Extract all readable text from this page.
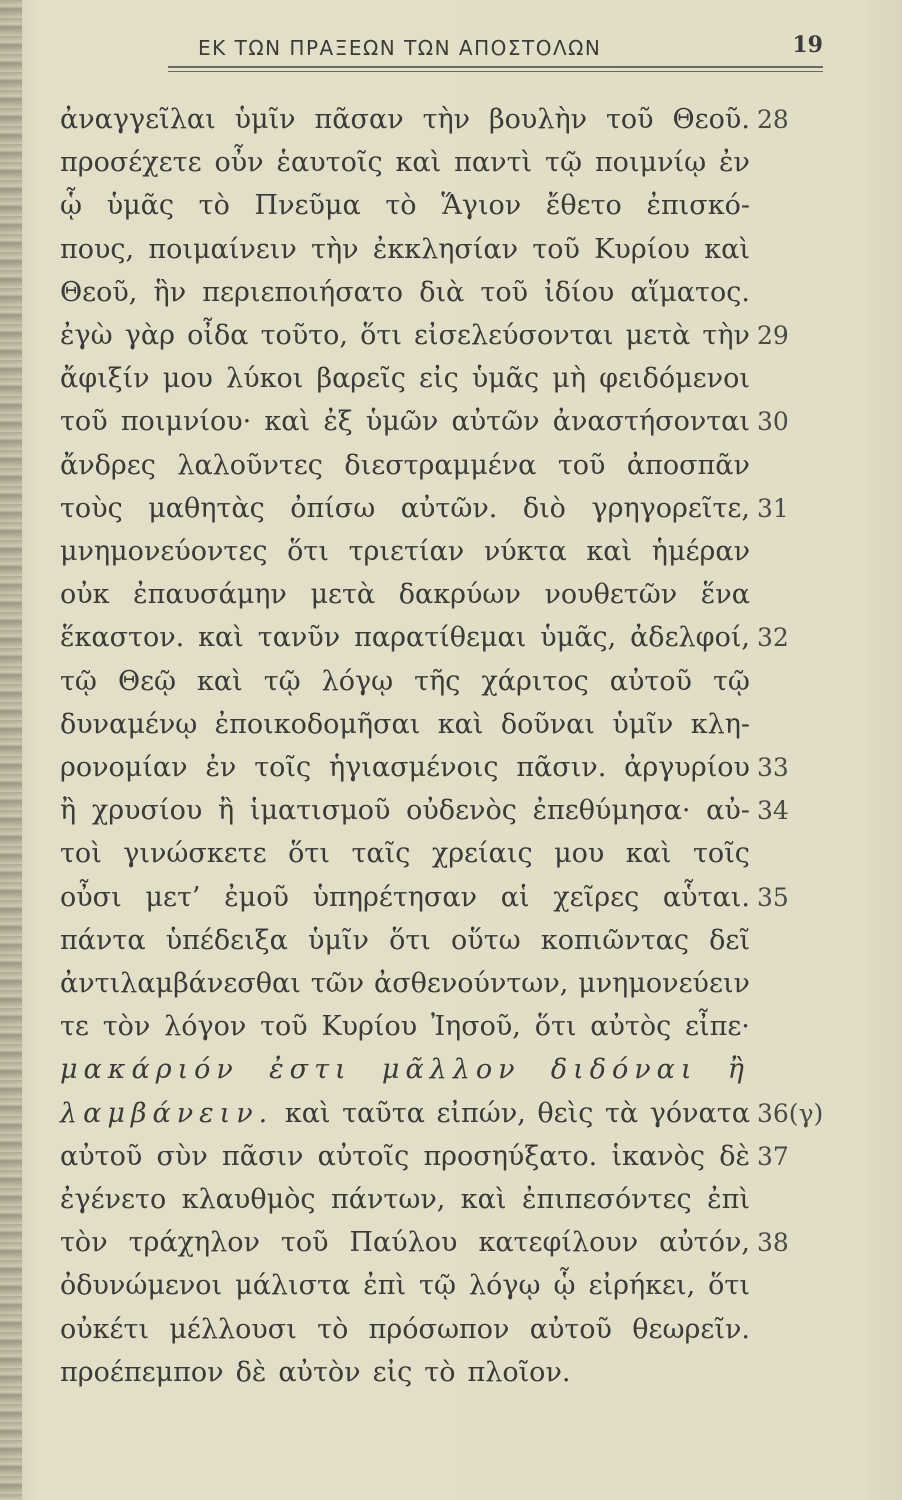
ΕΚ ΤΩΝ ΠΡΑΞΕΩΝ ΤΩΝ ΑΠΟΣΤΟΛΩΝ	19
ἀναγγεῖλαι ὑμῖν πᾶσαν τὴν βουλὴν τοῦ Θεοῦ. 28
προσέχετε οὖν ἑαυτοῖς καὶ παντὶ τῷ ποιμνίῳ ἐν
ᾧ ὑμᾶς τὸ Πνεῦμα τὸ Ἅγιον ἔθετο ἐπισκό-
πους, ποιμαίνειν τὴν ἐκκλησίαν τοῦ Κυρίου καὶ
Θεοῦ, ἣν περιεποιήσατο διὰ τοῦ ἰδίου αἵματος.
ἐγὼ γὰρ οἶδα τοῦτο, ὅτι εἰσελεύσονται μετὰ τὴν 29
ἄφιξίν μου λύκοι βαρεῖς εἰς ὑμᾶς μὴ φειδόμενοι
τοῦ ποιμνίου· καὶ ἐξ ὑμῶν αὐτῶν ἀναστήσονται 30
ἄνδρες λαλοῦντες διεστραμμένα τοῦ ἀποσπᾶν
τοὺς μαθητὰς ὀπίσω αὐτῶν. διὸ γρηγορεῖτε, 31
μνημονεύοντες ὅτι τριετίαν νύκτα καὶ ἡμέραν
οὐκ ἐπαυσάμην μετὰ δακρύων νουθετῶν ἕνα
ἕκαστον. καὶ τανῦν παρατίθεμαι ὑμᾶς, ἀδελφοί, 32
τῷ Θεῷ καὶ τῷ λόγῳ τῆς χάριτος αὐτοῦ τῷ
δυναμένῳ ἐποικοδομῆσαι καὶ δοῦναι ὑμῖν κλη-
ρονομίαν ἐν τοῖς ἡγιασμένοις πᾶσιν. ἀργυρίου 33
ἢ χρυσίου ἢ ἱματισμοῦ οὐδενὸς ἐπεθύμησα· αὐ- 34
τοὶ γινώσκετε ὅτι ταῖς χρείαις μου καὶ τοῖς
οὖσι μετ’ ἐμοῦ ὑπηρέτησαν αἱ χεῖρες αὗται. 35
πάντα ὑπέδειξα ὑμῖν ὅτι οὕτω κοπιῶντας δεῖ
ἀντιλαμβάνεσθαι τῶν ἀσθενούντων, μνημονεύειν
τε τὸν λόγον τοῦ Κυρίου Ἰησοῦ, ὅτι αὐτὸς εἶπε·
μακάριόν ἐστι μᾶλλον διδόναι ἢ
λαμβάνειν. καὶ ταῦτα εἰπών, θεὶς τὰ γόνατα 36(γ)
αὐτοῦ σὺν πᾶσιν αὐτοῖς προσηύξατο. ἱκανὸς δὲ 37
ἐγένετο κλαυθμὸς πάντων, καὶ ἐπιπεσόντες ἐπὶ
τὸν τράχηλον τοῦ Παύλου κατεφίλουν αὐτόν, 38
ὀδυνώμενοι μάλιστα ἐπὶ τῷ λόγῳ ᾧ εἰρήκει, ὅτι
οὐκέτι μέλλουσι τὸ πρόσωπον αὐτοῦ θεωρεῖν.
προέπεμπον δὲ αὐτὸν εἰς τὸ πλοῖον.
